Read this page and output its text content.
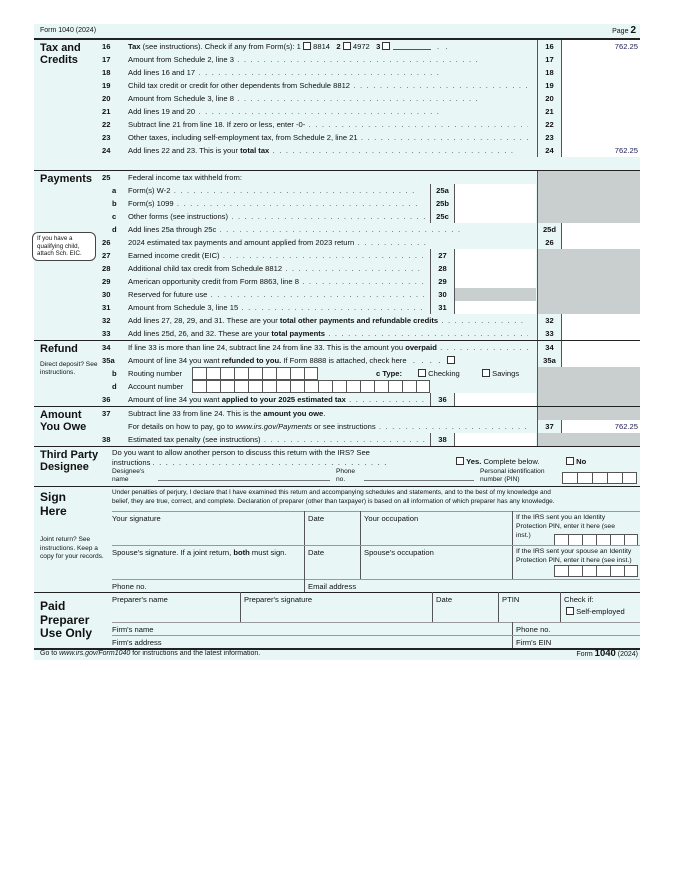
Form 1040 (2024)	Page 2
Tax and
Credits
16	Tax (see instructions). Check if any from Form(s): 1 8814 2 4972 3	.   .	16	762.25
17	Amount from Schedule 2, line 3 . .	17
18	Add lines 16 and 17 . .	18
19	Child tax credit or credit for other dependents from Schedule 8812 . .	19
20	Amount from Schedule 3, line 8 . .	20
21	Add lines 19 and 20 . .	21
22	Subtract line 21 from line 18. If zero or less, enter -0- . .	22
23	Other taxes, including self-employment tax, from Schedule 2, line 21 . .	23
24	Add lines 22 and 23. This is your total tax . .	24	762.25
Payments 25	Federal income tax withheld from:
a	Form(s) W-2 . .	25a
b	Form(s) 1099 . .	25b
c	Other forms (see instructions) . .	25c
d	Add lines 25a through 25c . .	25d
26	2024 estimated tax payments and amount applied from 2023 return . .	26
If you have a qualifying child, attach Sch. EIC.	27	Earned income credit (EIC) . .	27
28	Additional child tax credit from Schedule 8812 . .	28
29	American opportunity credit from Form 8863, line 8 . .	29
30	Reserved for future use . .	30
31	Amount from Schedule 3, line 15 . .	31
32	Add lines 27, 28, 29, and 31. These are your total other payments and refundable credits . .	32
33	Add lines 25d, 26, and 32. These are your total payments . .	33
Refund	34	If line 33 is more than line 24, subtract line 24 from line 33. This is the amount you overpaid . .	34
35a Amount of line 34 you want refunded to you. If Form 8888 is attached, check here   .   .   .   .	35a
Direct deposit? See instructions.	b	Routing number	c Type:	Checking	Savings
d	Account number
36	Amount of line 34 you want applied to your 2025 estimated tax . .	36
Amount
You Owe
37	Subtract line 33 from line 24. This is the amount you owe.
For details on how to pay, go to www.irs.gov/Payments or see instructions . .	37	762.25
38	Estimated tax penalty (see instructions) . .	38
Third Party
Designee
Do you want to allow another person to discuss this return with the IRS? See
instructions . . . . . . . . . . . . . . . . . . . . . . . . . . . . . . . . . . . .	Yes. Complete below.	No
Designee's name
Phone no.
Personal identification number (PIN)
Sign
Here
Under penalties of perjury, I declare that I have examined this return and accompanying schedules and statements, and to the best of my knowledge and
belief, they are true, correct, and complete. Declaration of preparer (other than taxpayer) is based on all information of which preparer has any knowledge.
Your signature	Date	Your occupation	If the IRS sent you an Identity Protection PIN, enter it here (see inst.)
Joint return? See instructions. Keep a copy for your records. Spouse's signature. If a joint return, both must sign.	Date	Spouse's occupation	If the IRS sent your spouse an Identity Protection PIN, enter it here (see inst.)
Phone no.	Email address
Paid
Preparer
Use Only
Preparer's name	Preparer's signature	Date	PTIN	Check if:
Self-employed
Firm's name	Phone no.
Firm's address	Firm's EIN
Go to www.irs.gov/Form1040 for instructions and the latest information.	Form 1040 (2024)
